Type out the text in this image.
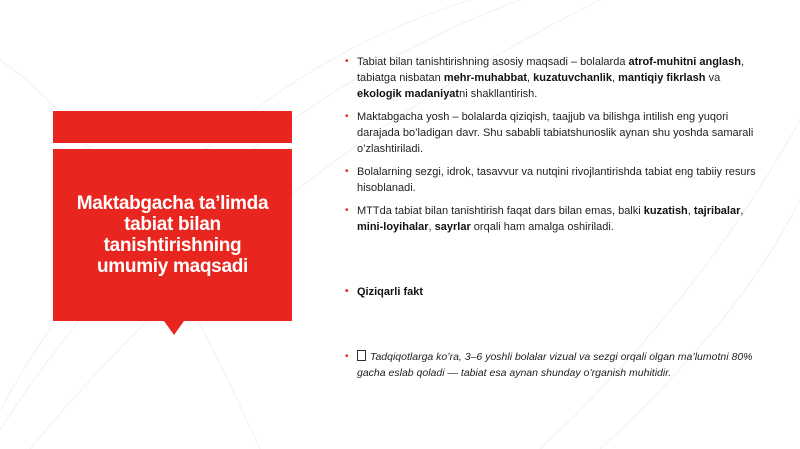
Maktabgacha ta’limda tabiat bilan tanishtirishning umumiy maqsadi
• Tabiat bilan tanishtirishning asosiy maqsadi – bolalarda atrof-muhitni anglash, tabiatga nisbatan mehr-muhabbat, kuzatuvchanlik, mantiqiy fikrlash va ekologik madaniyatni shakllantirish.
• Maktabgacha yosh – bolalarda qiziqish, taajjub va bilishga intilish eng yuqori darajada bo’ladigan davr. Shu sababli tabiatshunoslik aynan shu yoshda samarali o’zlashtiriladi.
• Bolalarning sezgi, idrok, tasavvur va nutqini rivojlantirishda tabiat eng tabiiy resurs hisoblanadi.
• MTTda tabiat bilan tanishtirish faqat dars bilan emas, balki kuzatish, tajribalar, mini-loyihalar, sayrlar orqali ham amalga oshiriladi.
• Qiziqarli fakt
• Tadqiqotlarga ko’ra, 3–6 yoshli bolalar vizual va sezgi orqali olgan ma’lumotni 80% gacha eslab qoladi — tabiat esa aynan shunday o’rganish muhitidir.
